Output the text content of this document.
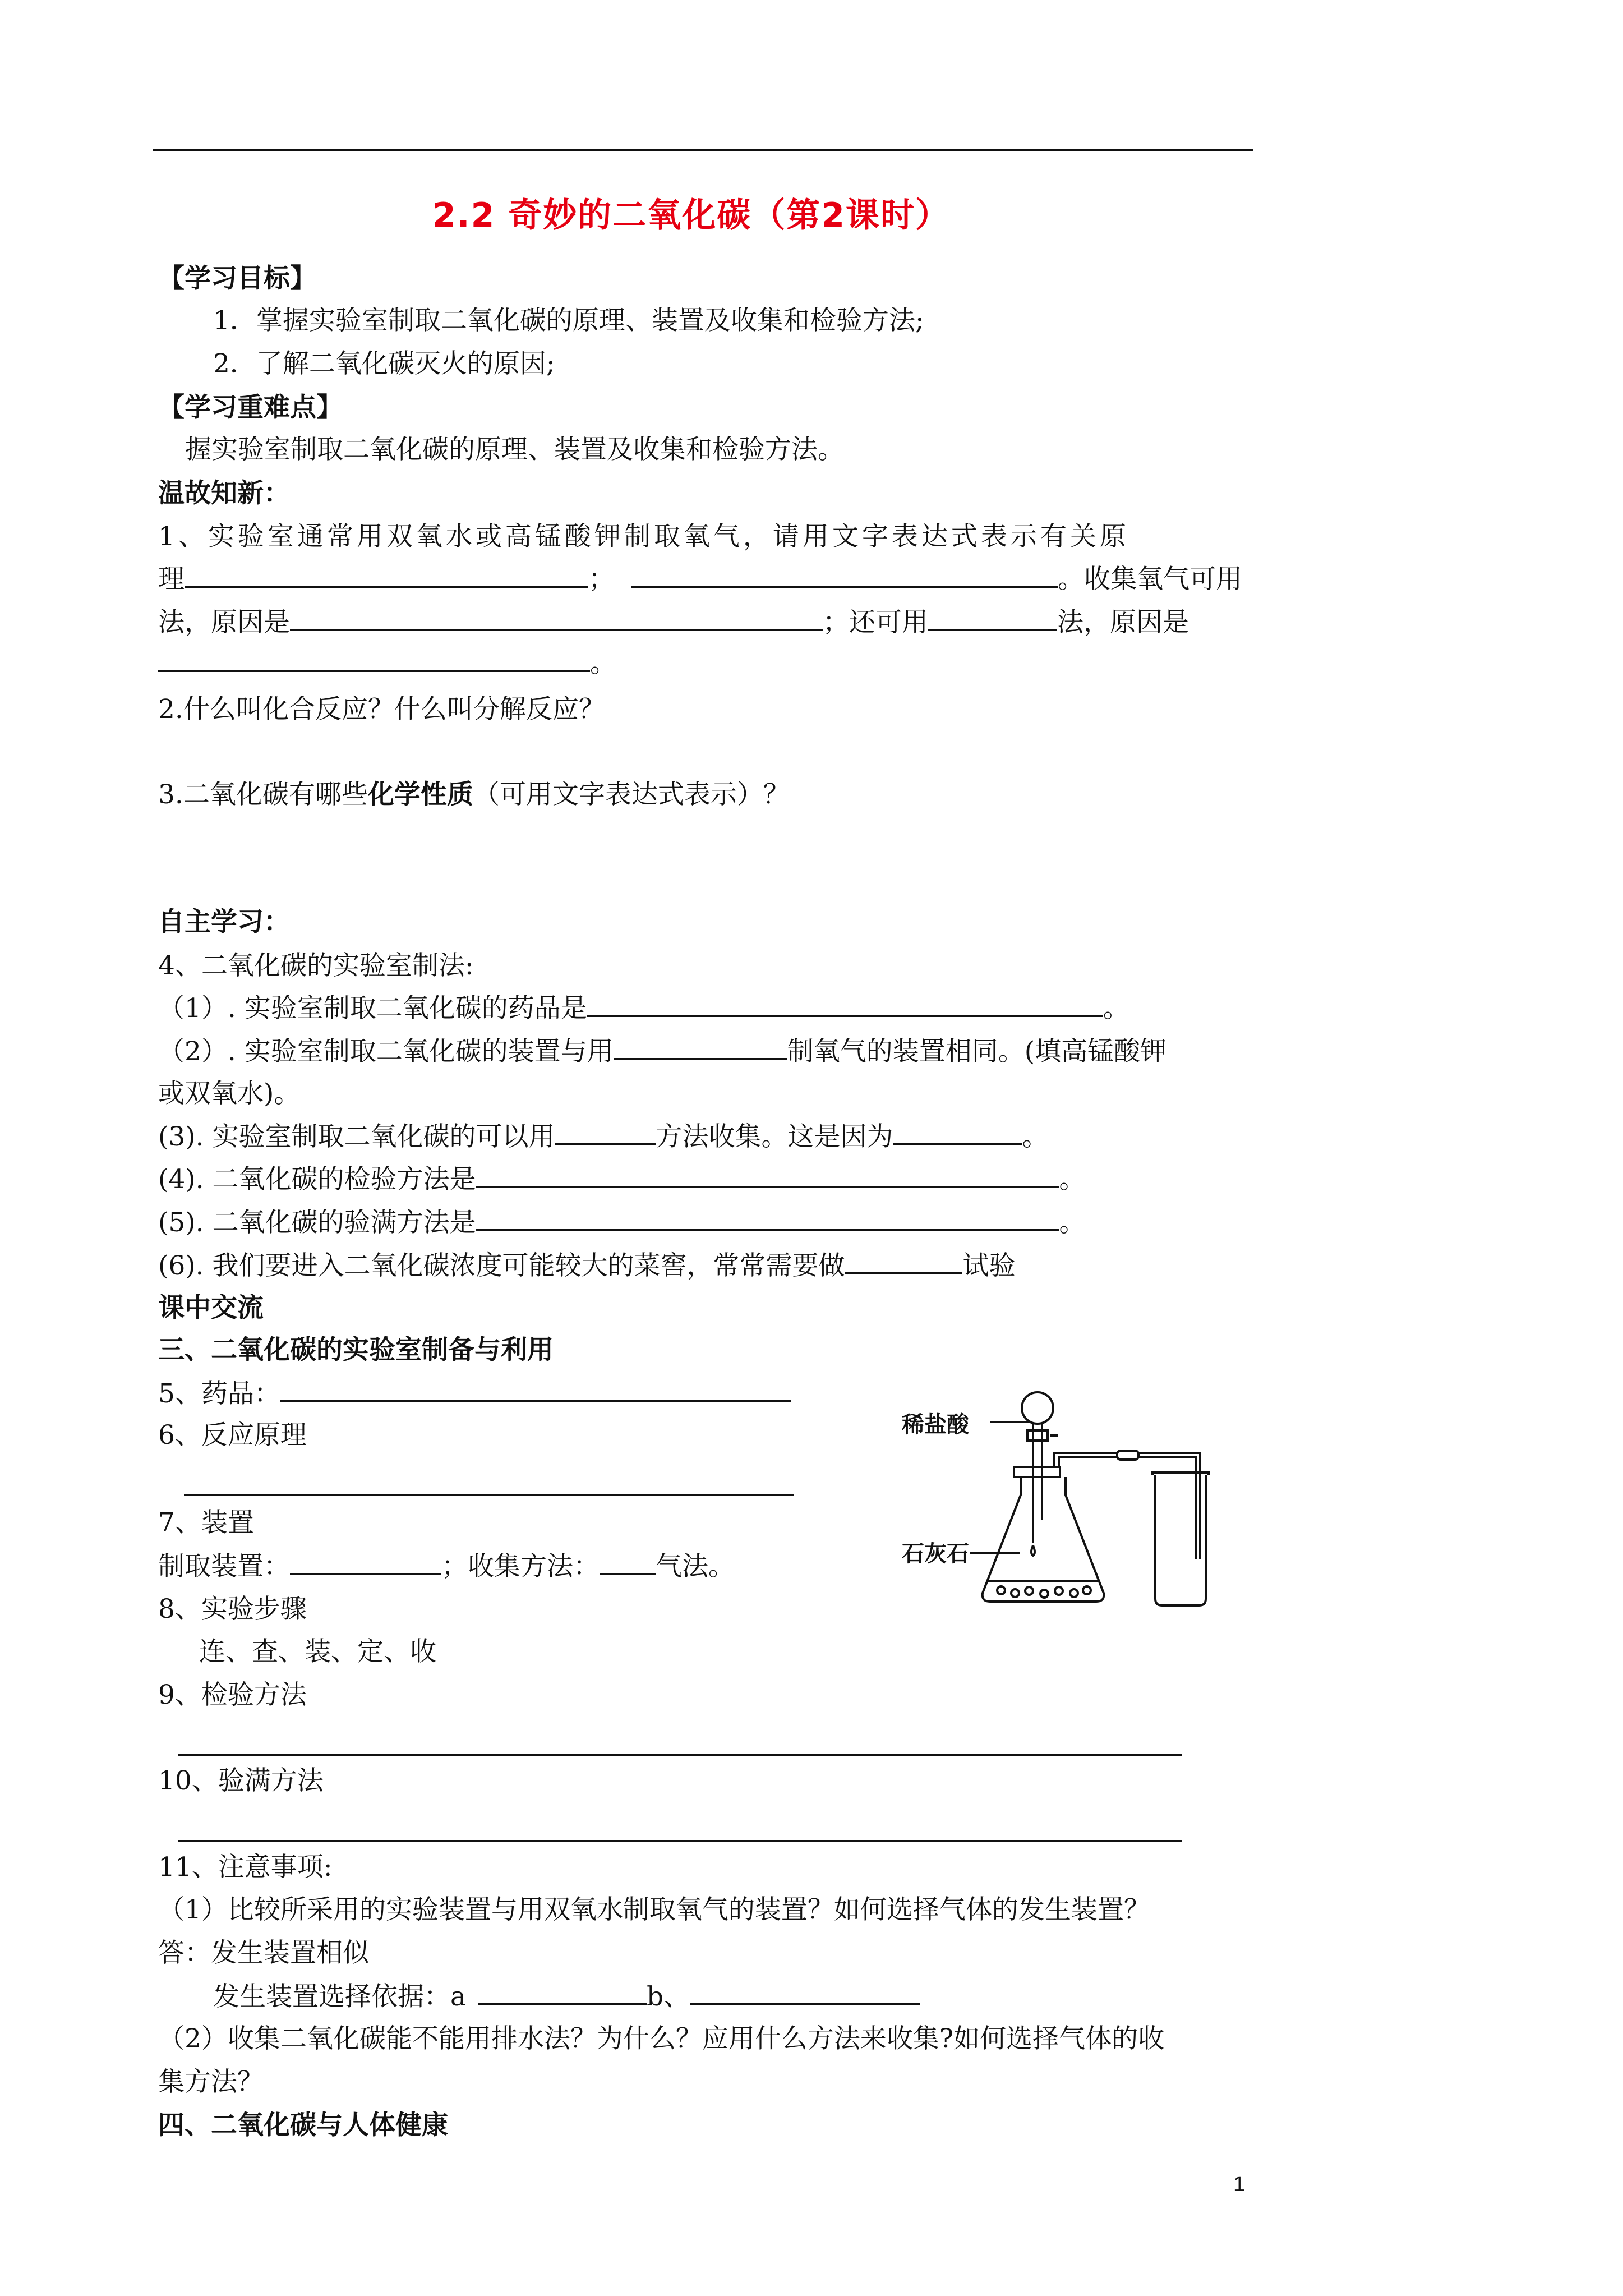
2.2 奇妙的二氧化碳（第2课时）
【学习目标】
1．掌握实验室制取二氧化碳的原理、装置及收集和检验方法;
2．了解二氧化碳灭火的原因;
【学习重难点】
握实验室制取二氧化碳的原理、装置及收集和检验方法。
温故知新：
1、实验室通常用双氧水或高锰酸钾制取氧气，请用文字表达式表示有关原
理	；	。收集氧气可用
法，原因是	；还可用	法，原因是
。
2.什么叫化合反应？什么叫分解反应？
3.二氧化碳有哪些化学性质（可用文字表达式表示）？
自主学习：
4、二氧化碳的实验室制法:
（1）. 实验室制取二氧化碳的药品是	。
（2）. 实验室制取二氧化碳的装置与用	制氧气的装置相同。(填高锰酸钾
或双氧水)。
(3). 实验室制取二氧化碳的可以用	方法收集。这是因为	。
(4). 二氧化碳的检验方法是	。
(5). 二氧化碳的验满方法是	。
(6). 我们要进入二氧化碳浓度可能较大的菜窖，常常需要做	试验
课中交流
三、二氧化碳的实验室制备与利用
5、药品：
6、反应原理
7、装置
制取装置：	；收集方法： 气法。
8、实验步骤
连、查、装、定、收
9、检验方法
10、验满方法
11、注意事项:
（1）比较所采用的实验装置与用双氧水制取氧气的装置？如何选择气体的发生装置？
答：发生装置相似
发生装置选择依据：a	b、
（2）收集二氧化碳能不能用排水法？为什么？应用什么方法来收集?如何选择气体的收
集方法？
四、二氧化碳与人体健康
稀盐酸
石灰石
1
